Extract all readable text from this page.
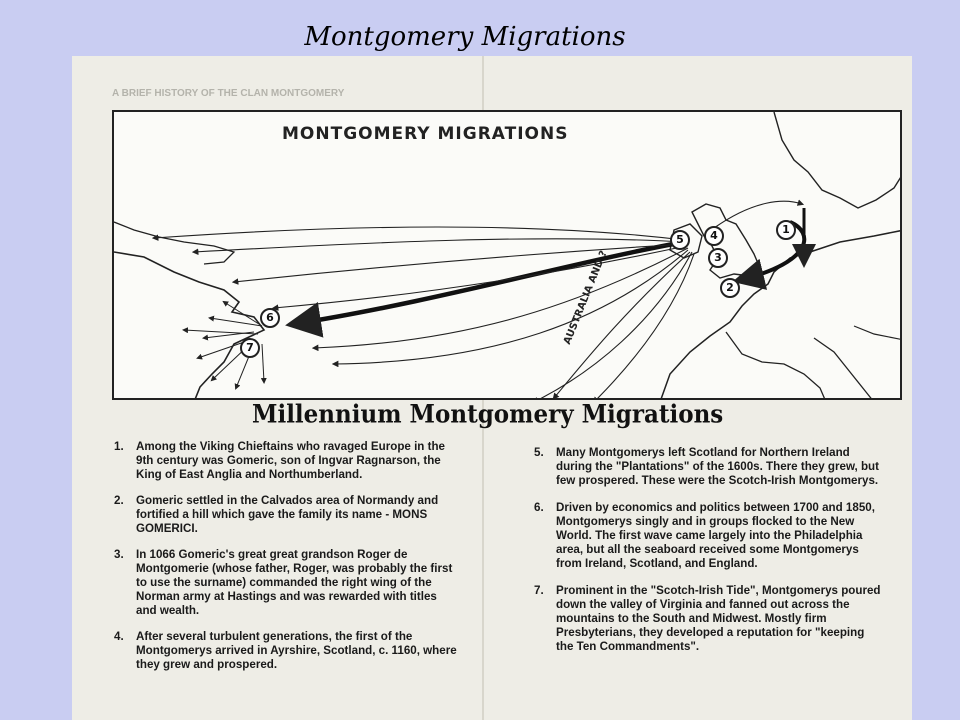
Montgomery Migrations
A BRIEF HISTORY OF THE CLAN MONTGOMERY
MONTGOMERY MIGRATIONS
AUSTRALIA AND ?
1
2
3
4
5
6
7
Millennium Montgomery Migrations
1. Among the Viking Chieftains who ravaged Europe in the 9th century was Gomeric, son of Ingvar Ragnarson, the King of East Anglia and Northumberland.
2. Gomeric settled in the Calvados area of Normandy and fortified a hill which gave the family its name - MONS GOMERICI.
3. In 1066 Gomeric's great great grandson Roger de Montgomerie (whose father, Roger, was probably the first to use the surname) commanded the right wing of the Norman army at Hastings and was rewarded with titles and wealth.
4. After several turbulent generations, the first of the Montgomerys arrived in Ayrshire, Scotland, c. 1160, where they grew and prospered.
5. Many Montgomerys left Scotland for Northern Ireland during the "Plantations" of the 1600s. There they grew, but few prospered. These were the Scotch-Irish Montgomerys.
6. Driven by economics and politics between 1700 and 1850, Montgomerys singly and in groups flocked to the New World. The first wave came largely into the Philadelphia area, but all the seaboard received some Montgomerys from Ireland, Scotland, and England.
7. Prominent in the "Scotch-Irish Tide", Montgomerys poured down the valley of Virginia and fanned out across the mountains to the South and Midwest. Mostly firm Presbyterians, they developed a reputation for "keeping the Ten Commandments".
